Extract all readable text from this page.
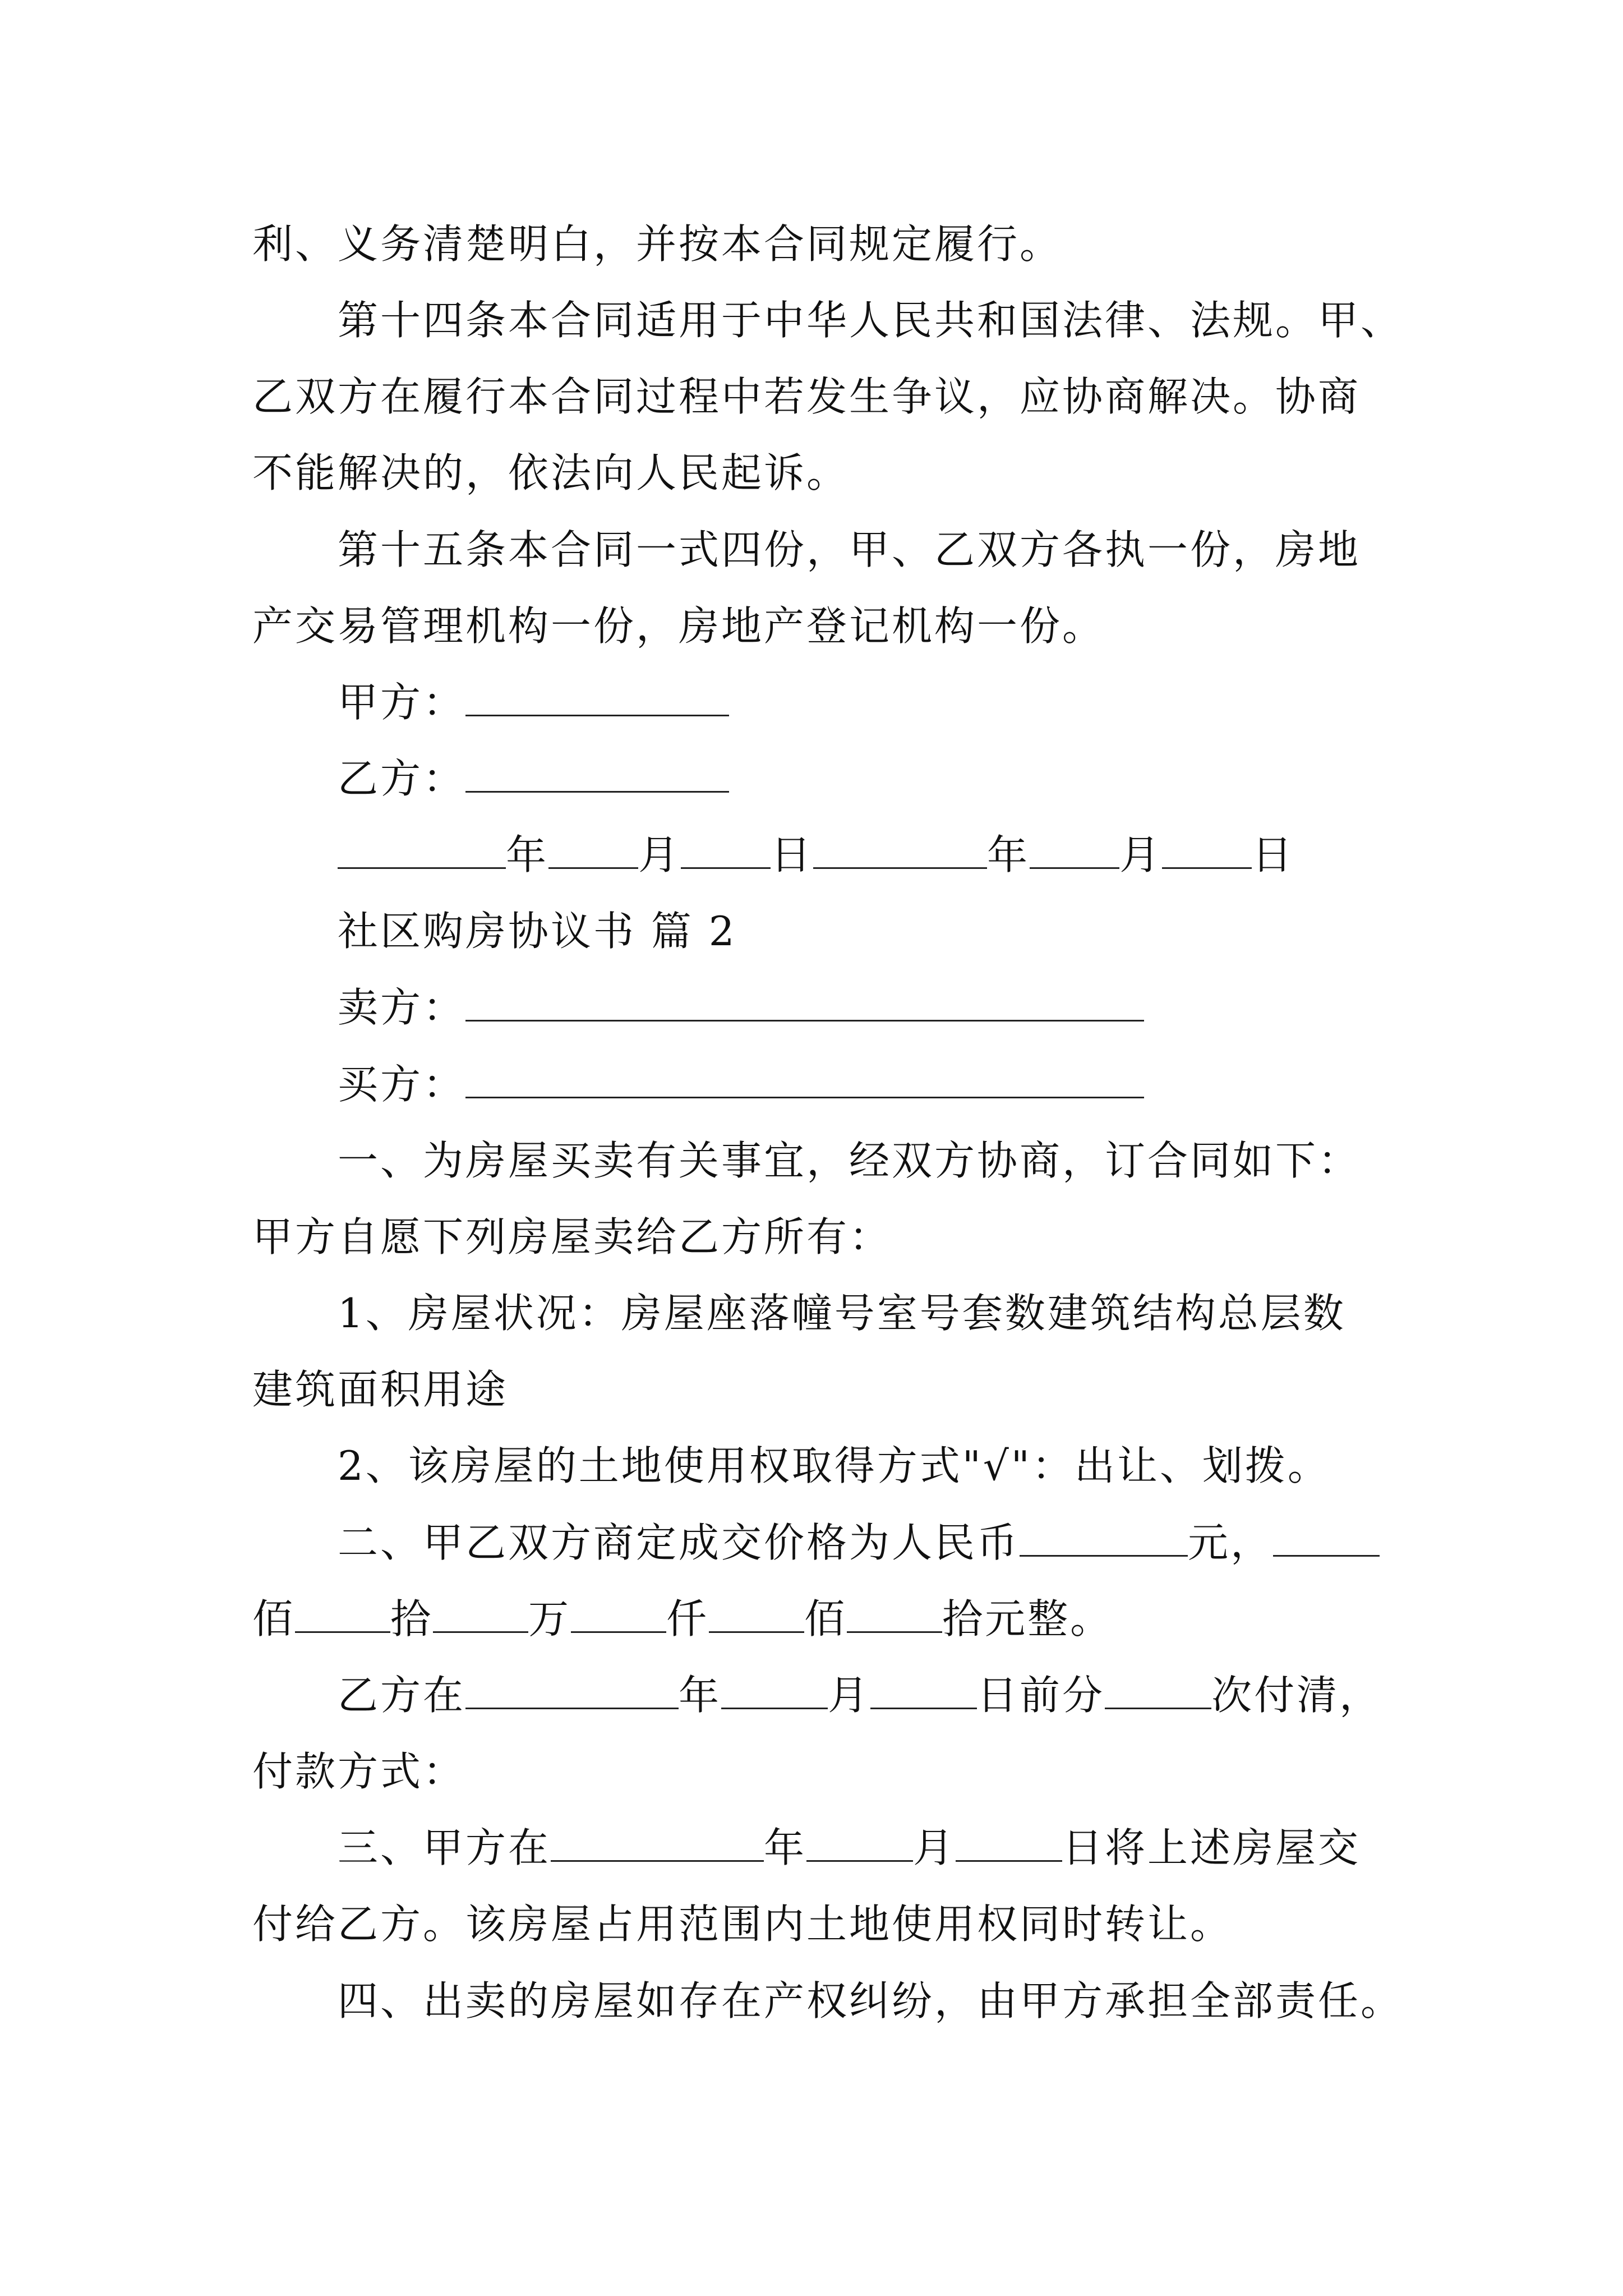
利、义务清楚明白，并按本合同规定履行。
第十四条本合同适用于中华人民共和国法律、法规。甲、
乙双方在履行本合同过程中若发生争议，应协商解决。协商
不能解决的，依法向人民起诉。
第十五条本合同一式四份，甲、乙双方各执一份，房地
产交易管理机构一份，房地产登记机构一份。
甲方：
乙方：
年 月 日	年 月 日
社区购房协议书 篇 2
卖方：
买方：
一、为房屋买卖有关事宜，经双方协商，订合同如下：
甲方自愿下列房屋卖给乙方所有：
1、房屋状况：房屋座落幢号室号套数建筑结构总层数
建筑面积用途
2、该房屋的土地使用权取得方式"√"：出让、划拨。
二、甲乙双方商定成交价格为人民币	元，
佰 拾 万 仟 佰 拾元整。
乙方在	年	月	日前分	次付清，
付款方式：
三、甲方在	年	月	日将上述房屋交
付给乙方。该房屋占用范围内土地使用权同时转让。
四、出卖的房屋如存在产权纠纷，由甲方承担全部责任。
